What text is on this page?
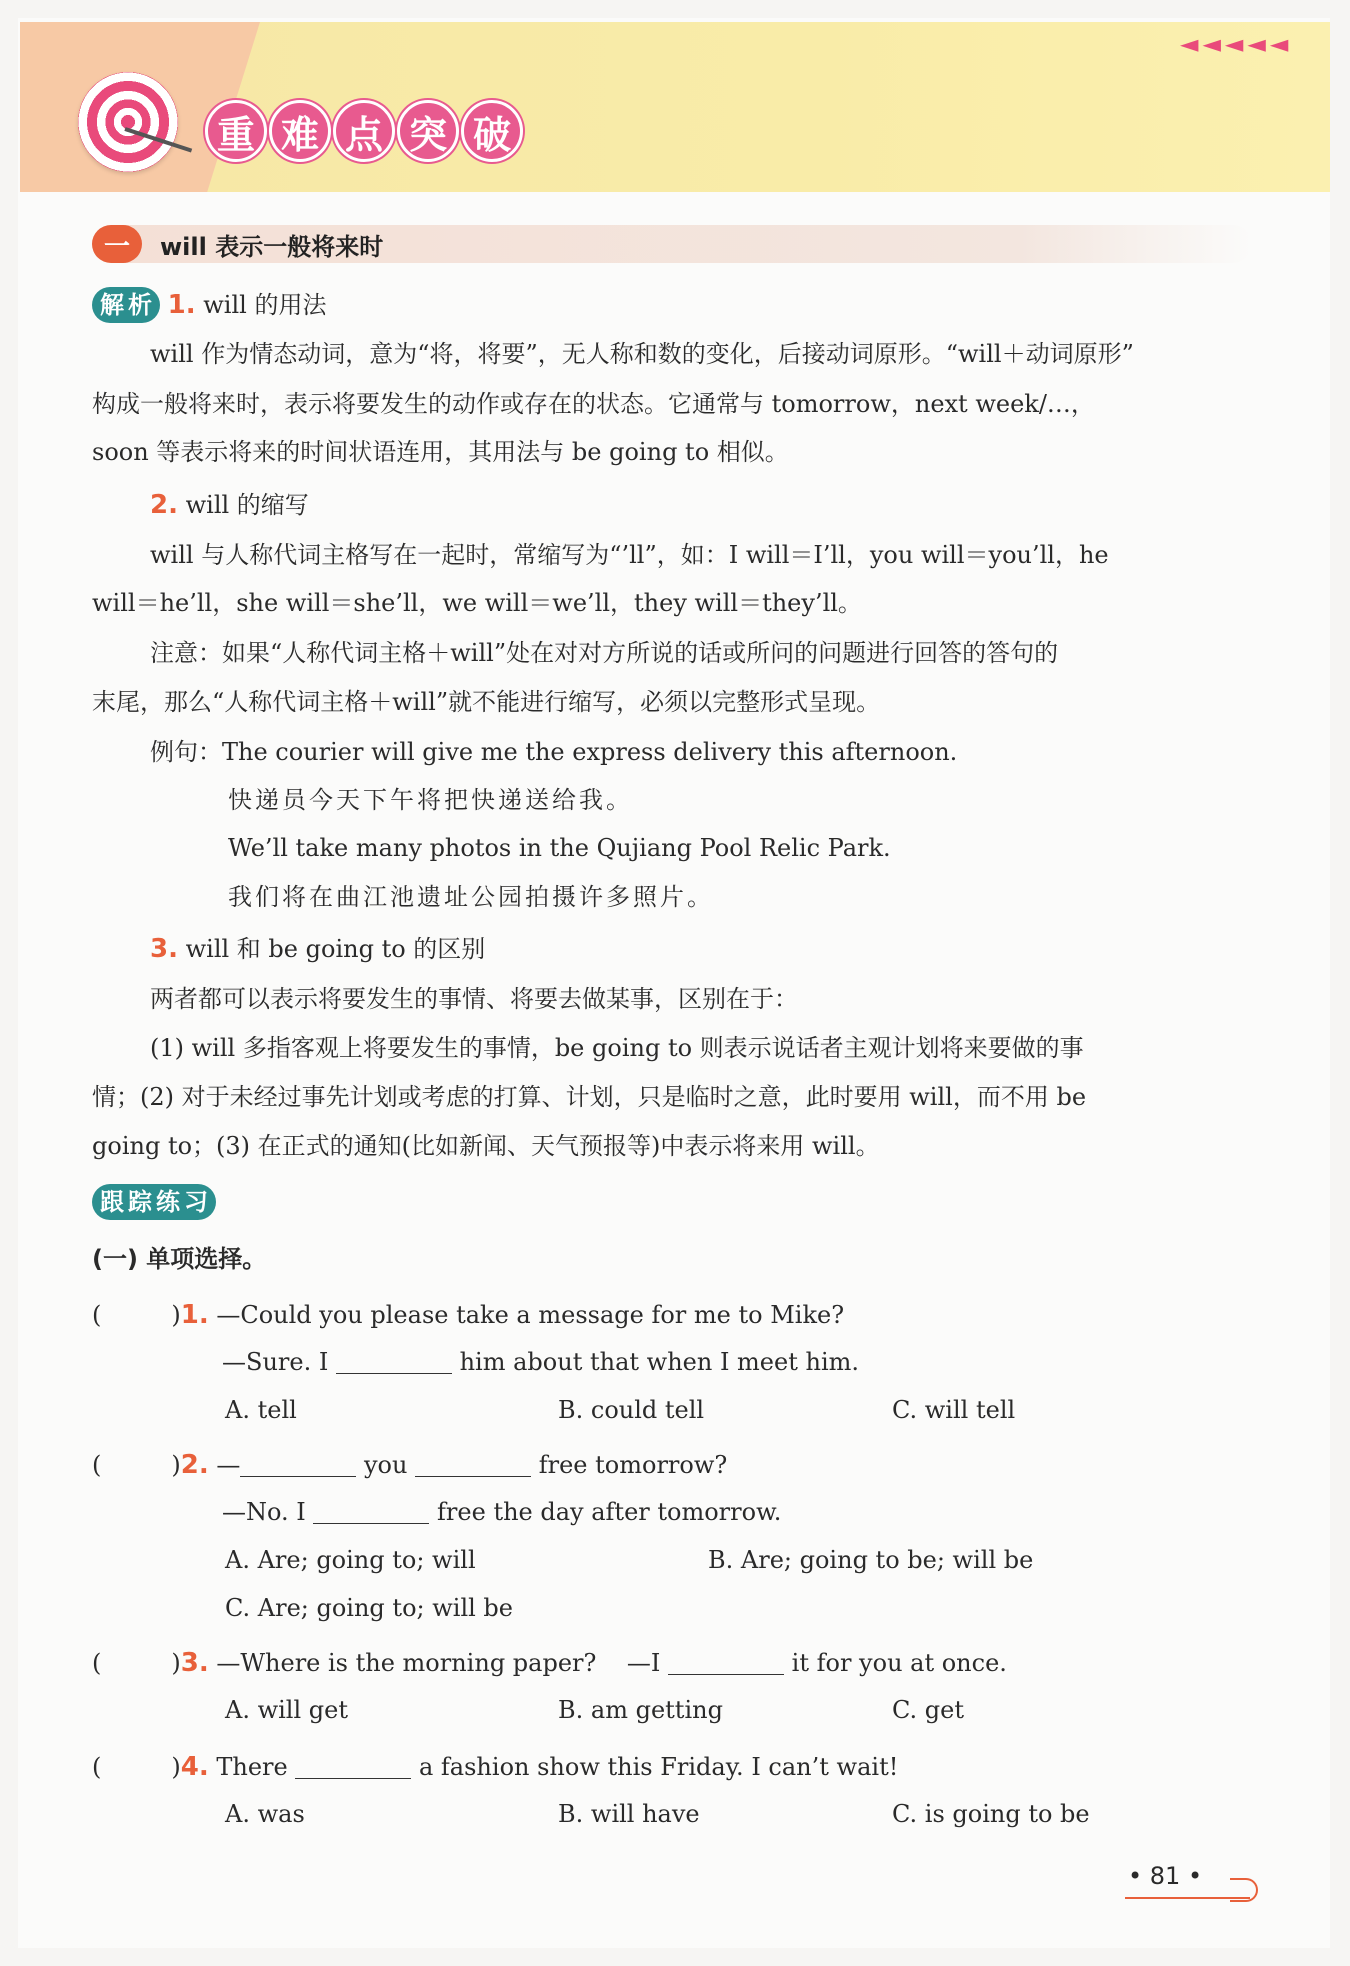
重 难 点 突 破
◄◄◄◄◄
一	will 表示一般将来时
解 析 1. will 的用法
will 作为情态动词，意为“将，将要”，无人称和数的变化，后接动词原形。“will＋动词原形”
构成一般将来时，表示将要发生的动作或存在的状态。它通常与 tomorrow，next week/…，
soon 等表示将来的时间状语连用，其用法与 be going to 相似。
2. will 的缩写
will 与人称代词主格写在一起时，常缩写为“’ll”，如：I will＝I’ll，you will＝you’ll，he
will＝he’ll，she will＝she’ll，we will＝we’ll，they will＝they’ll。
注意：如果“人称代词主格＋will”处在对对方所说的话或所问的问题进行回答的答句的
末尾，那么“人称代词主格＋will”就不能进行缩写，必须以完整形式呈现。
例句：The courier will give me the express delivery this afternoon.
快递员今天下午将把快递送给我。
We’ll take many photos in the Qujiang Pool Relic Park.
我们将在曲江池遗址公园拍摄许多照片。
3. will 和 be going to 的区别
两者都可以表示将要发生的事情、将要去做某事，区别在于：
(1) will 多指客观上将要发生的事情，be going to 则表示说话者主观计划将来要做的事
情；(2) 对于未经过事先计划或考虑的打算、计划，只是临时之意，此时要用 will，而不用 be
going to；(3) 在正式的通知(比如新闻、天气预报等)中表示将来用 will。
跟 踪 练 习
(一) 单项选择。
(	)1. —Could you please take a message for me to Mike?
—Sure. I	him about that when I meet him.
A. tell	B. could tell	C. will tell
(	)2. —	you	free tomorrow?
—No. I	free the day after tomorrow.
A. Are; going to; will	B. Are; going to be; will be
C. Are; going to; will be
(	)3. —Where is the morning paper? —I	it for you at once.
A. will get	B. am getting	C. get
(	)4. There	a fashion show this Friday. I can’t wait!
A. was	B. will have	C. is going to be
• 81 •
